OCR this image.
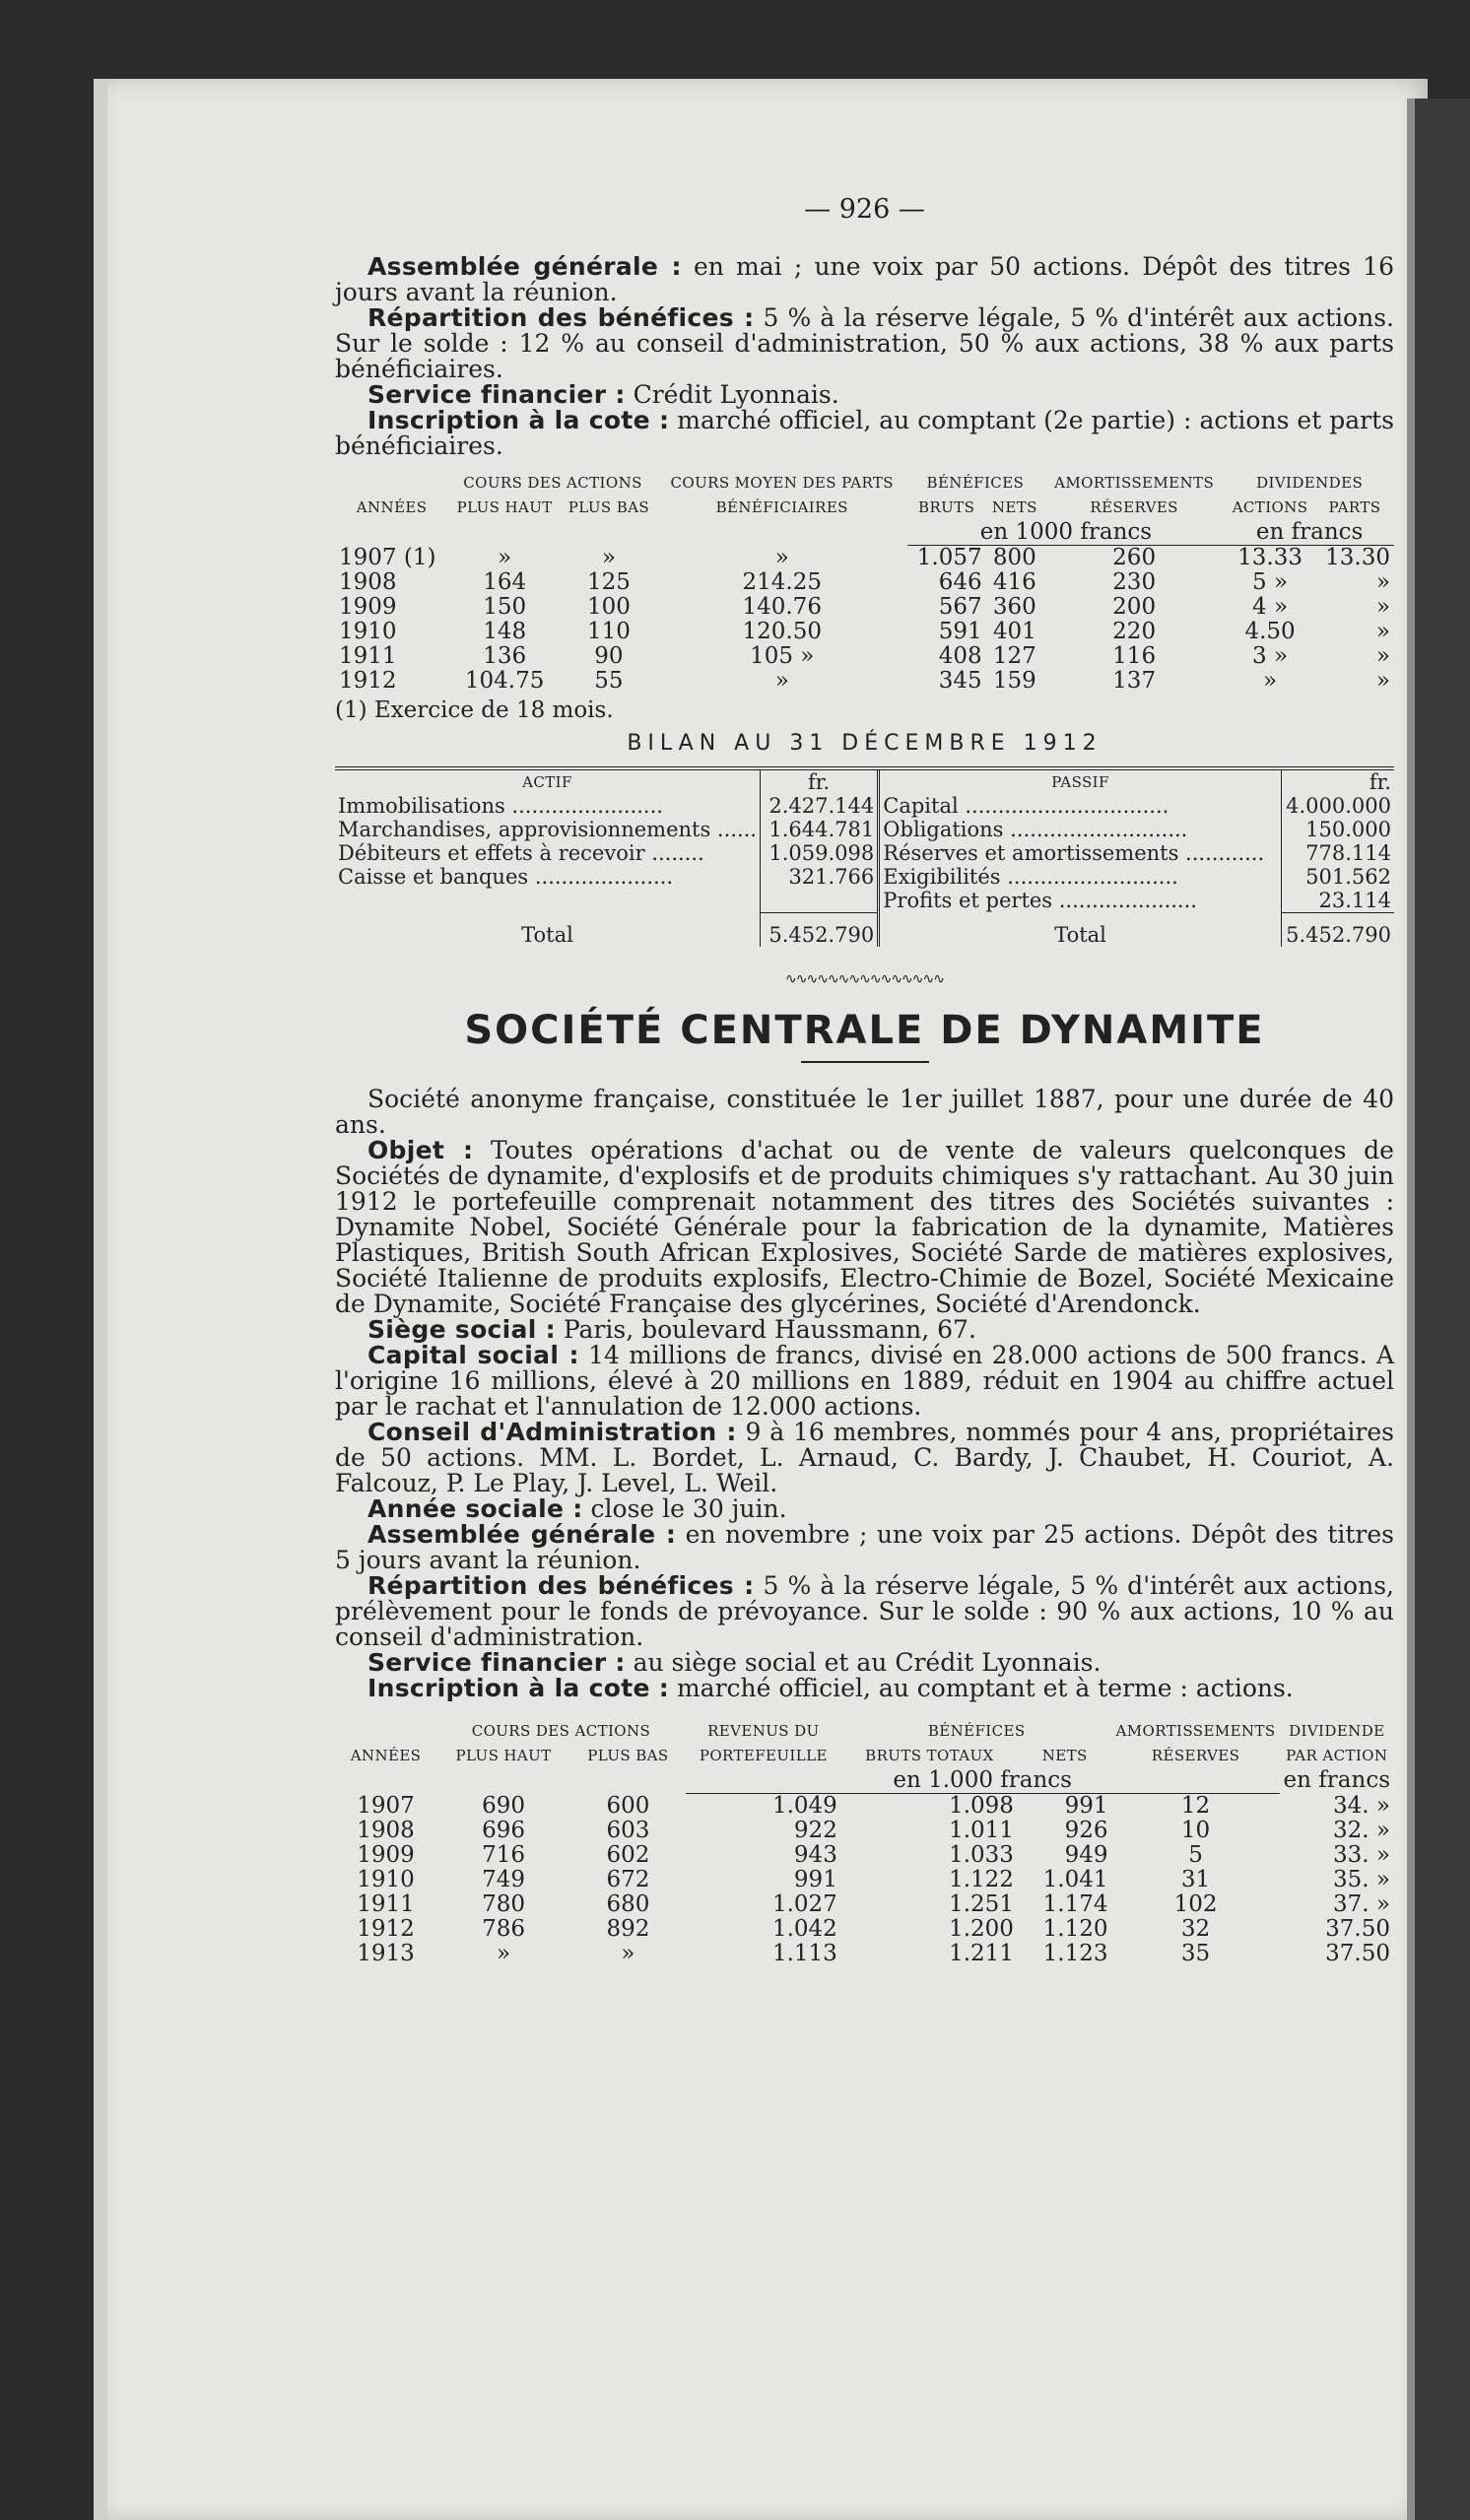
— 926 —

Assemblée générale : en mai ; une voix par 50 actions. Dépôt des titres 16 jours avant la réunion.

Répartition des bénéfices : 5 % à la réserve légale, 5 % d'intérêt aux actions. Sur le solde : 12 % au conseil d'administration, 50 % aux actions, 38 % aux parts bénéficiaires.

Service financier : Crédit Lyonnais.

Inscription à la cote : marché officiel, au comptant (2e partie) : actions et parts bénéficiaires.

	COURS DES ACTIONS		COURS MOYEN DES PARTS	BÉNÉFICES		AMORTISSEMENTS	DIVIDENDES	
ANNÉES	PLUS HAUT	PLUS BAS	BÉNÉFICIAIRES	BRUTS	NETS	RÉSERVES	ACTIONS	PARTS
				en 1000 francs			en francs	
1907 (1)	»	»	»	1.057	800	260	13.33	13.30
1908	164	125	214.25	646	416	230	5 »	»
1909	150	100	140.76	567	360	200	4 »	»
1910	148	110	120.50	591	401	220	4.50	»
1911	136	90	105 »	408	127	116	3 »	»
1912	104.75	55	»	345	159	137	»	»
(1) Exercice de 18 mois.
BILAN AU 31 DÉCEMBRE 1912
ACTIF	fr.	PASSIF	fr.
Immobilisations .......................	2.427.144	Capital ...............................	4.000.000
Marchandises, approvisionnements ......	1.644.781	Obligations ...........................	150.000
Débiteurs et effets à recevoir ........	1.059.098	Réserves et amortissements ............	778.114
Caisse et banques .....................	321.766	Exigibilités ..........................	501.562
		Profits et pertes .....................	23.114
Total	5.452.790	Total	5.452.790
∿∿∿∿∿∿∿∿∿∿∿∿∿∿∿
SOCIÉTÉ CENTRALE DE DYNAMITE

Société anonyme française, constituée le 1er juillet 1887, pour une durée de 40 ans.

Objet : Toutes opérations d'achat ou de vente de valeurs quelconques de Sociétés de dynamite, d'explosifs et de produits chimiques s'y rattachant. Au 30 juin 1912 le portefeuille comprenait notamment des titres des Sociétés suivantes : Dynamite Nobel, Société Générale pour la fabrication de la dynamite, Matières Plastiques, British South African Explosives, Société Sarde de matières explosives, Société Italienne de produits explosifs, Electro-Chimie de Bozel, Société Mexicaine de Dynamite, Société Française des glycérines, Société d'Arendonck.

Siège social : Paris, boulevard Haussmann, 67.

Capital social : 14 millions de francs, divisé en 28.000 actions de 500 francs. A l'origine 16 millions, élevé à 20 millions en 1889, réduit en 1904 au chiffre actuel par le rachat et l'annulation de 12.000 actions.

Conseil d'Administration : 9 à 16 membres, nommés pour 4 ans, propriétaires de 50 actions. MM. L. Bordet, L. Arnaud, C. Bardy, J. Chaubet, H. Couriot, A. Falcouz, P. Le Play, J. Level, L. Weil.

Année sociale : close le 30 juin.

Assemblée générale : en novembre ; une voix par 25 actions. Dépôt des titres 5 jours avant la réunion.

Répartition des bénéfices : 5 % à la réserve légale, 5 % d'intérêt aux actions, prélèvement pour le fonds de prévoyance. Sur le solde : 90 % aux actions, 10 % au conseil d'administration.

Service financier : au siège social et au Crédit Lyonnais.

Inscription à la cote : marché officiel, au comptant et à terme : actions.

	COURS DES ACTIONS		REVENUS DU PORTEFEUILLE	BÉNÉFICES		AMORTISSEMENTS RÉSERVES	DIVIDENDE PAR ACTION
ANNÉES	PLUS HAUT	PLUS BAS		BRUTS TOTAUX	NETS		
			en 1.000 francs				en francs
1907	690	600	1.049	1.098	991	12	34. »
1908	696	603	922	1.011	926	10	32. »
1909	716	602	943	1.033	949	5	33. »
1910	749	672	991	1.122	1.041	31	35. »
1911	780	680	1.027	1.251	1.174	102	37. »
1912	786	892	1.042	1.200	1.120	32	37.50
1913	»	»	1.113	1.211	1.123	35	37.50
